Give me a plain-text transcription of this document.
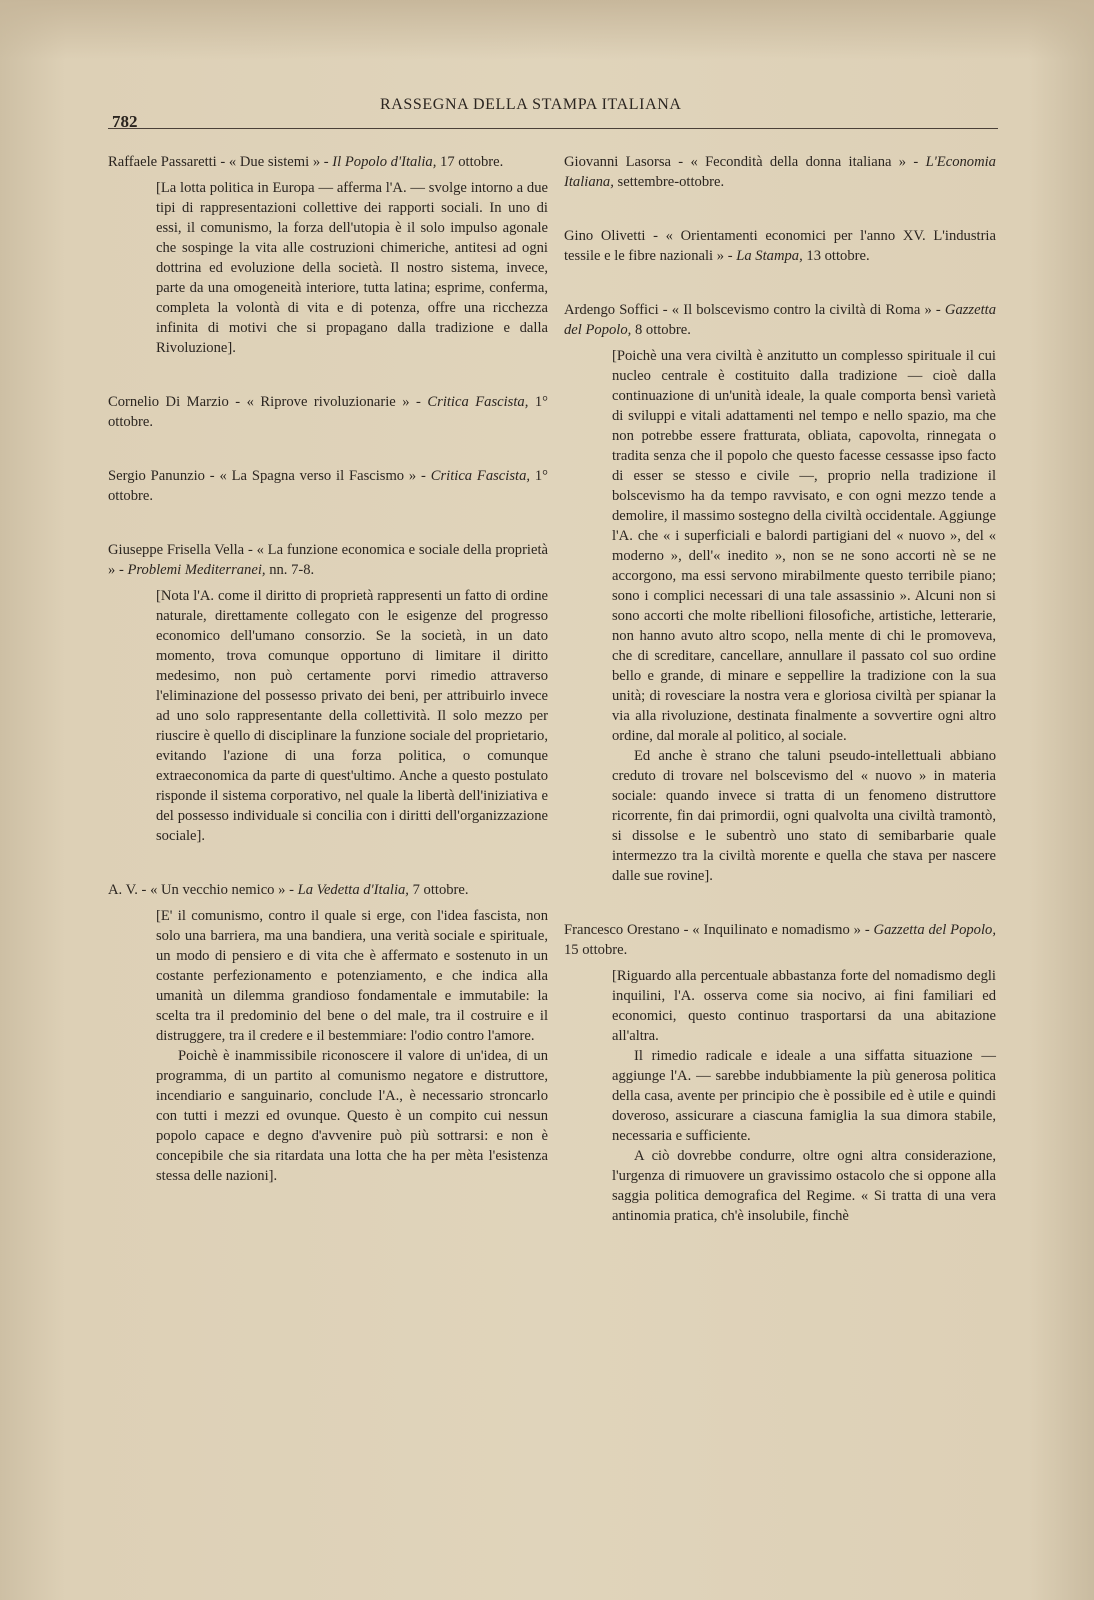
782
RASSEGNA DELLA STAMPA ITALIANA
Raffaele Passaretti - « Due sistemi » - Il Popolo d'Italia, 17 ottobre.

[La lotta politica in Europa — afferma l'A. — svolge intorno a due tipi di rappresentazioni collettive dei rapporti sociali. In uno di essi, il comunismo, la forza dell'utopia è il solo impulso agonale che sospinge la vita alle costruzioni chimeriche, antitesi ad ogni dottrina ed evoluzione della società. Il nostro sistema, invece, parte da una omogeneità interiore, tutta latina; esprime, conferma, completa la volontà di vita e di potenza, offre una ricchezza infinita di motivi che si propagano dalla tradizione e dalla Rivoluzione].

Cornelio Di Marzio - « Riprove rivoluzionarie » - Critica Fascista, 1° ottobre.
Sergio Panunzio - « La Spagna verso il Fascismo » - Critica Fascista, 1° ottobre.
Giuseppe Frisella Vella - « La funzione economica e sociale della proprietà » - Problemi Mediterranei, nn. 7-8.

[Nota l'A. come il diritto di proprietà rappresenti un fatto di ordine naturale, direttamente collegato con le esigenze del progresso economico dell'umano consorzio. Se la società, in un dato momento, trova comunque opportuno di limitare il diritto medesimo, non può certamente porvi rimedio attraverso l'eliminazione del possesso privato dei beni, per attribuirlo invece ad uno solo rappresentante della collettività. Il solo mezzo per riuscire è quello di disciplinare la funzione sociale del proprietario, evitando l'azione di una forza politica, o comunque extraeconomica da parte di quest'ultimo. Anche a questo postulato risponde il sistema corporativo, nel quale la libertà dell'iniziativa e del possesso individuale si concilia con i diritti dell'organizzazione sociale].

A. V. - « Un vecchio nemico » - La Vedetta d'Italia, 7 ottobre.

[E' il comunismo, contro il quale si erge, con l'idea fascista, non solo una barriera, ma una bandiera, una verità sociale e spirituale, un modo di pensiero e di vita che è affermato e sostenuto in un costante perfezionamento e potenziamento, e che indica alla umanità un dilemma grandioso fondamentale e immutabile: la scelta tra il predominio del bene o del male, tra il costruire e il distruggere, tra il credere e il bestemmiare: l'odio contro l'amore.

Poichè è inammissibile riconoscere il valore di un'idea, di un programma, di un partito al comunismo negatore e distruttore, incendiario e sanguinario, conclude l'A., è necessario stroncarlo con tutti i mezzi ed ovunque. Questo è un compito cui nessun popolo capace e degno d'avvenire può più sottrarsi: e non è concepibile che sia ritardata una lotta che ha per mèta l'esistenza stessa delle nazioni].

Giovanni Lasorsa - « Fecondità della donna italiana » - L'Economia Italiana, settembre-ottobre.
Gino Olivetti - « Orientamenti economici per l'anno XV. L'industria tessile e le fibre nazionali » - La Stampa, 13 ottobre.
Ardengo Soffici - « Il bolscevismo contro la civiltà di Roma » - Gazzetta del Popolo, 8 ottobre.

[Poichè una vera civiltà è anzitutto un complesso spirituale il cui nucleo centrale è costituito dalla tradizione — cioè dalla continuazione di un'unità ideale, la quale comporta bensì varietà di sviluppi e vitali adattamenti nel tempo e nello spazio, ma che non potrebbe essere fratturata, obliata, capovolta, rinnegata o tradita senza che il popolo che questo facesse cessasse ipso facto di esser se stesso e civile —, proprio nella tradizione il bolscevismo ha da tempo ravvisato, e con ogni mezzo tende a demolire, il massimo sostegno della civiltà occidentale. Aggiunge l'A. che « i superficiali e balordi partigiani del « nuovo », del « moderno », dell'« inedito », non se ne sono accorti nè se ne accorgono, ma essi servono mirabilmente questo terribile piano; sono i complici necessari di una tale assassinio ». Alcuni non si sono accorti che molte ribellioni filosofiche, artistiche, letterarie, non hanno avuto altro scopo, nella mente di chi le promoveva, che di screditare, cancellare, annullare il passato col suo ordine bello e grande, di minare e seppellire la tradizione con la sua unità; di rovesciare la nostra vera e gloriosa civiltà per spianar la via alla rivoluzione, destinata finalmente a sovvertire ogni altro ordine, dal morale al politico, al sociale.

Ed anche è strano che taluni pseudo-intellettuali abbiano creduto di trovare nel bolscevismo del « nuovo » in materia sociale: quando invece si tratta di un fenomeno distruttore ricorrente, fin dai primordii, ogni qualvolta una civiltà tramontò, si dissolse e le subentrò uno stato di semibarbarie quale intermezzo tra la civiltà morente e quella che stava per nascere dalle sue rovine].

Francesco Orestano - « Inquilinato e nomadismo » - Gazzetta del Popolo, 15 ottobre.

[Riguardo alla percentuale abbastanza forte del nomadismo degli inquilini, l'A. osserva come sia nocivo, ai fini familiari ed economici, questo continuo trasportarsi da una abitazione all'altra.

Il rimedio radicale e ideale a una siffatta situazione — aggiunge l'A. — sarebbe indubbiamente la più generosa politica della casa, avente per principio che è possibile ed è utile e quindi doveroso, assicurare a ciascuna famiglia la sua dimora stabile, necessaria e sufficiente.

A ciò dovrebbe condurre, oltre ogni altra considerazione, l'urgenza di rimuovere un gravissimo ostacolo che si oppone alla saggia politica demografica del Regime. « Si tratta di una vera antinomia pratica, ch'è insolubile, finchè
